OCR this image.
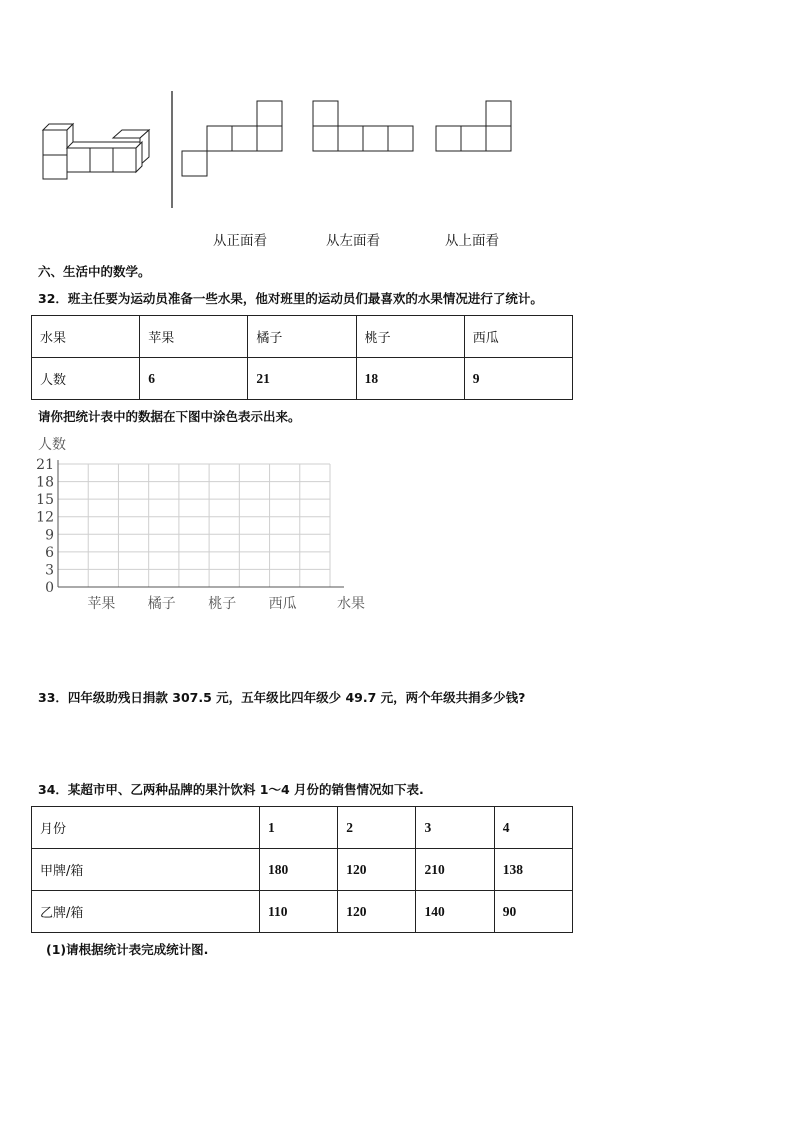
从正面看	从左面看	从上面看
六、生活中的数学。
32．班主任要为运动员准备一些水果，他对班里的运动员们最喜欢的水果情况进行了统计。
水果	苹果	橘子	桃子	西瓜
人数	6	21	18	9
请你把统计表中的数据在下图中涂色表示出来。
0
3
6
9
12
15
18
21
人数
水果
苹果 橘子 桃子 西瓜
33．四年级助残日捐款 307.5 元，五年级比四年级少 49.7 元，两个年级共捐多少钱?
34．某超市甲、乙两种品牌的果汁饮料 1～4 月份的销售情况如下表.
月份	1	2	3	4
甲牌/箱	180	120	210	138
乙牌/箱	110	120	140	90
(1)请根据统计表完成统计图.
